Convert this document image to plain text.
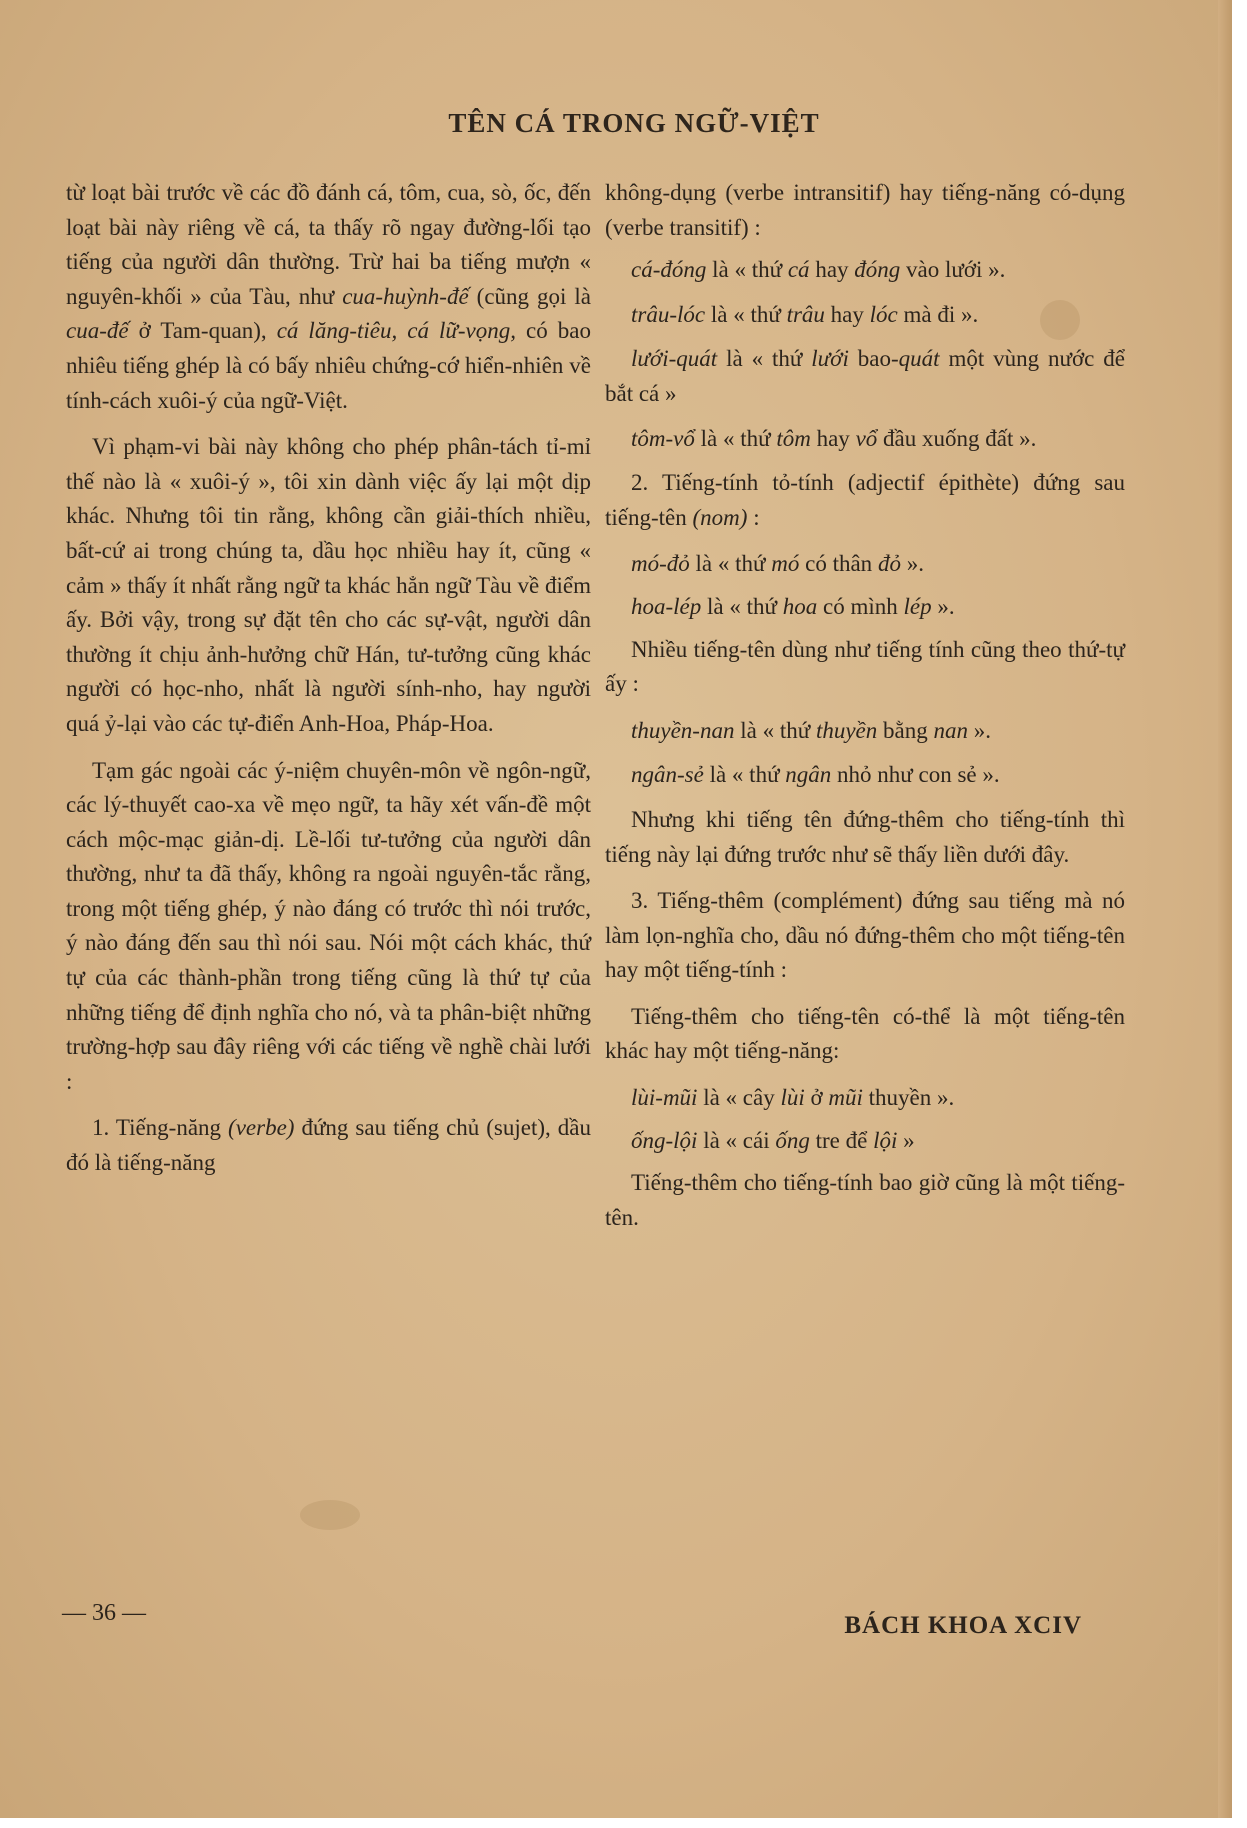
TÊN CÁ TRONG NGỮ-VIỆT

từ loạt bài trước về các đồ đánh cá, tôm, cua, sò, ốc, đến loạt bài này riêng về cá, ta thấy rõ ngay đường-lối tạo tiếng của người dân thường. Trừ hai ba tiếng mượn « nguyên-khối » của Tàu, như cua-huỳnh-đế (cũng gọi là cua-đế ở Tam-quan), cá lăng-tiêu, cá lữ-vọng, có bao nhiêu tiếng ghép là có bấy nhiêu chứng-cớ hiển-nhiên về tính-cách xuôi-ý của ngữ-Việt.

Vì phạm-vi bài này không cho phép phân-tách tỉ-mỉ thế nào là « xuôi-ý », tôi xin dành việc ấy lại một dịp khác. Nhưng tôi tin rằng, không cần giải-thích nhiều, bất-cứ ai trong chúng ta, dầu học nhiều hay ít, cũng « cảm » thấy ít nhất rằng ngữ ta khác hẳn ngữ Tàu về điểm ấy. Bởi vậy, trong sự đặt tên cho các sự-vật, người dân thường ít chịu ảnh-hưởng chữ Hán, tư-tưởng cũng khác người có học-nho, nhất là người sính-nho, hay người quá ỷ-lại vào các tự-điển Anh-Hoa, Pháp-Hoa.

Tạm gác ngoài các ý-niệm chuyên-môn về ngôn-ngữ, các lý-thuyết cao-xa về mẹo ngữ, ta hãy xét vấn-đề một cách mộc-mạc giản-dị. Lề-lối tư-tưởng của người dân thường, như ta đã thấy, không ra ngoài nguyên-tắc rằng, trong một tiếng ghép, ý nào đáng có trước thì nói trước, ý nào đáng đến sau thì nói sau. Nói một cách khác, thứ tự của các thành-phần trong tiếng cũng là thứ tự của những tiếng để định nghĩa cho nó, và ta phân-biệt những trường-hợp sau đây riêng với các tiếng về nghề chài lưới :

1. Tiếng-năng (verbe) đứng sau tiếng chủ (sujet), dầu đó là tiếng-năng

không-dụng (verbe intransitif) hay tiếng-năng có-dụng (verbe transitif) :

cá-đóng là « thứ cá hay đóng vào lưới ».

trâu-lóc là « thứ trâu hay lóc mà đi ».

lưới-quát là « thứ lưới bao-quát một vùng nước để bắt cá »

tôm-vổ là « thứ tôm hay vổ đầu xuống đất ».

2. Tiếng-tính tỏ-tính (adjectif épithète) đứng sau tiếng-tên (nom) :

mó-đỏ là « thứ mó có thân đỏ ».

hoa-lép là « thứ hoa có mình lép ».

Nhiều tiếng-tên dùng như tiếng tính cũng theo thứ-tự ấy :

thuyền-nan là « thứ thuyền bằng nan ».

ngân-sẻ là « thứ ngân nhỏ như con sẻ ».

Nhưng khi tiếng tên đứng-thêm cho tiếng-tính thì tiếng này lại đứng trước như sẽ thấy liền dưới đây.

3. Tiếng-thêm (complément) đứng sau tiếng mà nó làm lọn-nghĩa cho, dầu nó đứng-thêm cho một tiếng-tên hay một tiếng-tính :

Tiếng-thêm cho tiếng-tên có-thể là một tiếng-tên khác hay một tiếng-năng:

lùi-mũi là « cây lùi ở mũi thuyền ».

ống-lội là « cái ống tre để lội »

Tiếng-thêm cho tiếng-tính bao giờ cũng là một tiếng-tên.

— 36 —	BÁCH KHOA XCIV
